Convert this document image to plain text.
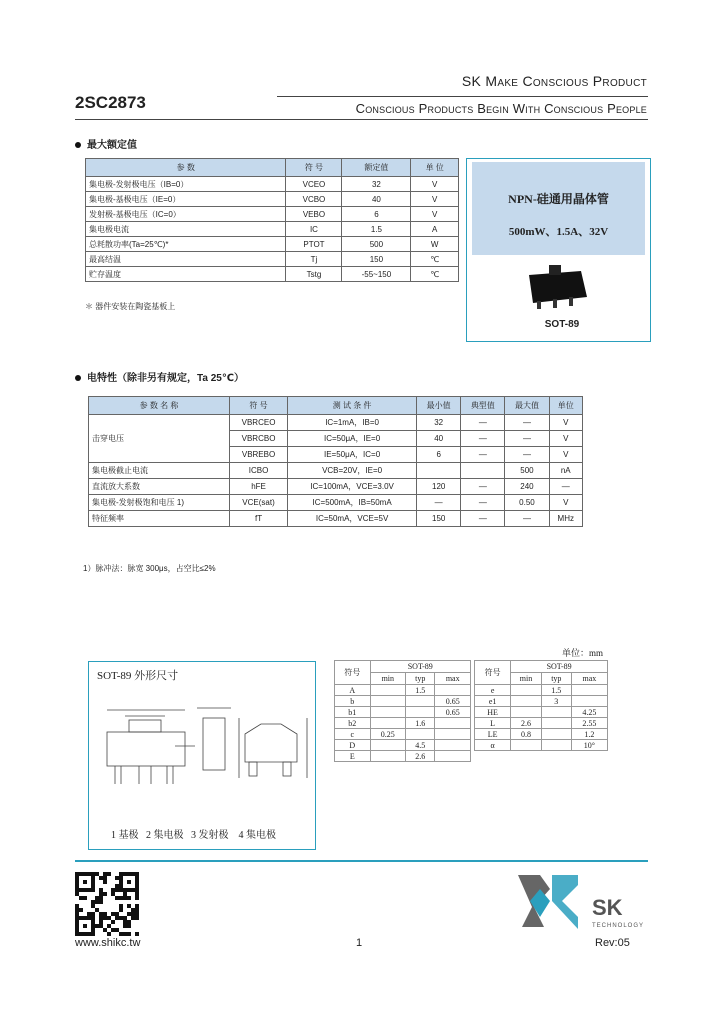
SK Make Conscious Product
2SC2873	Conscious Products Begin With Conscious People
最大额定值
参 数	符 号	额定值	单 位
集电极-发射极电压（IB=0）	VCEO	32	V
集电极-基极电压（IE=0）	VCBO	40	V
发射极-基极电压（IC=0）	VEBO	6	V
集电极电流	IC	1.5	A
总耗散功率(Ta=25℃)*	PTOT	500	W
最高结温	Tj	150	℃
贮存温度	Tstg	-55~150	℃
＊ 器件安装在陶瓷基板上
NPN-硅通用晶体管
500mW、1.5A、32V
SOT-89
电特性（除非另有规定，Ta 25℃）
参 数 名 称	符 号	测 试 条 件	最小值	典型值	最大值	单位
击穿电压	VBRCEO	IC=1mA，IB=0	32	—	—	V
	VBRCBO	IC=50μA，IE=0	40	—	—	V
	VBREBO	IE=50μA，IC=0	6	—	—	V
集电极截止电流	ICBO	VCB=20V，IE=0			500	nA
直流放大系数	hFE	IC=100mA，VCE=3.0V	120	—	240	—
集电极-发射极饱和电压 1)	VCE(sat)	IC=500mA，IB=50mA	—	—	0.50	V
特征频率	fT	IC=50mA，VCE=5V	150	—	—	MHz
1）脉冲法：脉宽 300μs，占空比≤2%
SOT-89 外形尺寸
1 基极   2 集电极   3 发射极    4 集电极
单位：mm
符号	SOT-89		
	min	typ	max
A		1.5	
b			0.65
b1			0.65
b2		1.6	
c	0.25		
D		4.5	
E		2.6	
符号	SOT-89		
	min	typ	max
e		1.5	
e1		3	
HE			4.25
L	2.6		2.55
LE	0.8		1.2
α			10°
www.shikc.tw	1	Rev:05
SK
TECHNOLOGY
